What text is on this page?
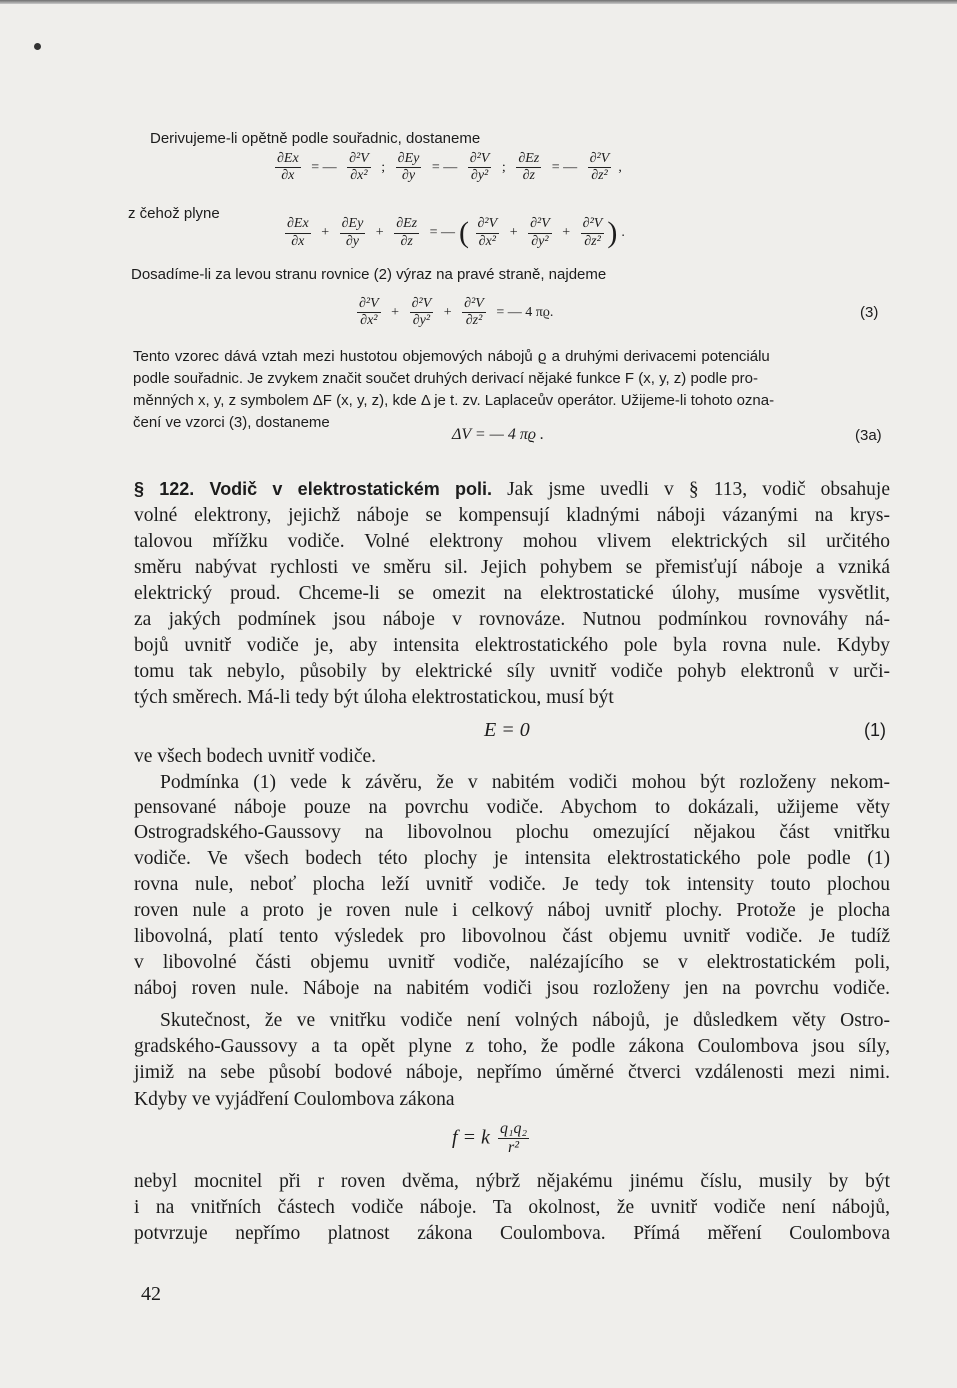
Derivujeme-li opětně podle souřadnic, dostaneme
$\frac{\partial Ex}{\partial x}$ = — $\frac{\text{∂²V}}{\text{∂x²}}$ ; $\frac{\partial Ey}{\partial y}$ = — $\frac{\text{∂²V}}{\text{∂y²}}$ ; $\frac{\partial Ez}{\partial z}$ = — $\frac{\text{∂²V}}{\text{∂z²}}$ ,
z čehož plyne
$\frac{\partial Ex}{\partial x} + \frac{\partial Ey}{\partial y} + \frac{\partial Ez}{\partial z}$ = — ( $\frac{\text{∂²V}}{\text{∂x²}} + \frac{\text{∂²V}}{\text{∂y²}} + \frac{\text{∂²V}}{\text{∂z²}}$ ) .
Dosadíme-li za levou stranu rovnice (2) výraz na pravé straně, najdeme
$\frac{\text{∂²V}}{\text{∂x²}} + \frac{\text{∂²V}}{\text{∂y²}} + \frac{\text{∂²V}}{\text{∂z²}}$ = — 4 πϱ.	(3)
Tento vzorec dává vztah mezi hustotou objemových nábojů ϱ a druhými derivacemi potenciálu
podle souřadnic. Je zvykem značit součet druhých derivací nějaké funkce F (x, y, z) podle pro-
měnných x, y, z symbolem ΔF (x, y, z), kde Δ je t. zv. Laplaceův operátor. Užijeme-li tohoto ozna-
čení ve vzorci (3), dostaneme
ΔV = — 4 πϱ .	(3a)
§ 122. Vodič v elektrostatickém poli. Jak jsme uvedli v § 113, vodič obsahuje
volné elektrony, jejichž náboje se kompensují kladnými náboji vázanými na krys-
talovou mřížku vodiče. Volné elektrony mohou vlivem elektrických sil určitého
směru nabývat rychlosti ve směru sil. Jejich pohybem se přemisťují náboje a vzniká
elektrický proud. Chceme-li se omezit na elektrostatické úlohy, musíme vysvětlit,
za jakých podmínek jsou náboje v rovnováze. Nutnou podmínkou rovnováhy ná-
bojů uvnitř vodiče je, aby intensita elektrostatického pole byla rovna nule. Kdyby
tomu tak nebylo, působily by elektrické síly uvnitř vodiče pohyb elektronů v urči-
tých směrech. Má-li tedy být úloha elektrostatickou, musí být
E = 0	(1)
ve všech bodech uvnitř vodiče.
Podmínka (1) vede k závěru, že v nabitém vodiči mohou být rozloženy nekom-
pensované náboje pouze na povrchu vodiče. Abychom to dokázali, užijeme věty
Ostrogradského-Gaussovy na libovolnou plochu omezující nějakou část vnitřku
vodiče. Ve všech bodech této plochy je intensita elektrostatického pole podle (1)
rovna nule, neboť plocha leží uvnitř vodiče. Je tedy tok intensity touto plochou
roven nule a proto je roven nule i celkový náboj uvnitř plochy. Protože je plocha
libovolná, platí tento výsledek pro libovolnou část objemu uvnitř vodiče. Je tudíž
v libovolné části objemu uvnitř vodiče, nalézajícího se v elektrostatickém poli,
náboj roven nule. Náboje na nabitém vodiči jsou rozloženy jen na povrchu vodiče.
Skutečnost, že ve vnitřku vodiče není volných nábojů, je důsledkem věty Ostro-
gradského-Gaussovy a ta opět plyne z toho, že podle zákona Coulombova jsou síly,
jimiž na sebe působí bodové náboje, nepřímo úměrné čtverci vzdálenosti mezi nimi.
Kdyby ve vyjádření Coulombova zákona
f = k $\frac{\text{q₁q₂}}{\text{r²}}$
nebyl mocnitel při r roven dvěma, nýbrž nějakému jinému číslu, musily by být
i na vnitřních částech vodiče náboje. Ta okolnost, že uvnitř vodiče není nábojů,
potvrzuje nepřímo platnost zákona Coulombova. Přímá měření Coulombova
42
